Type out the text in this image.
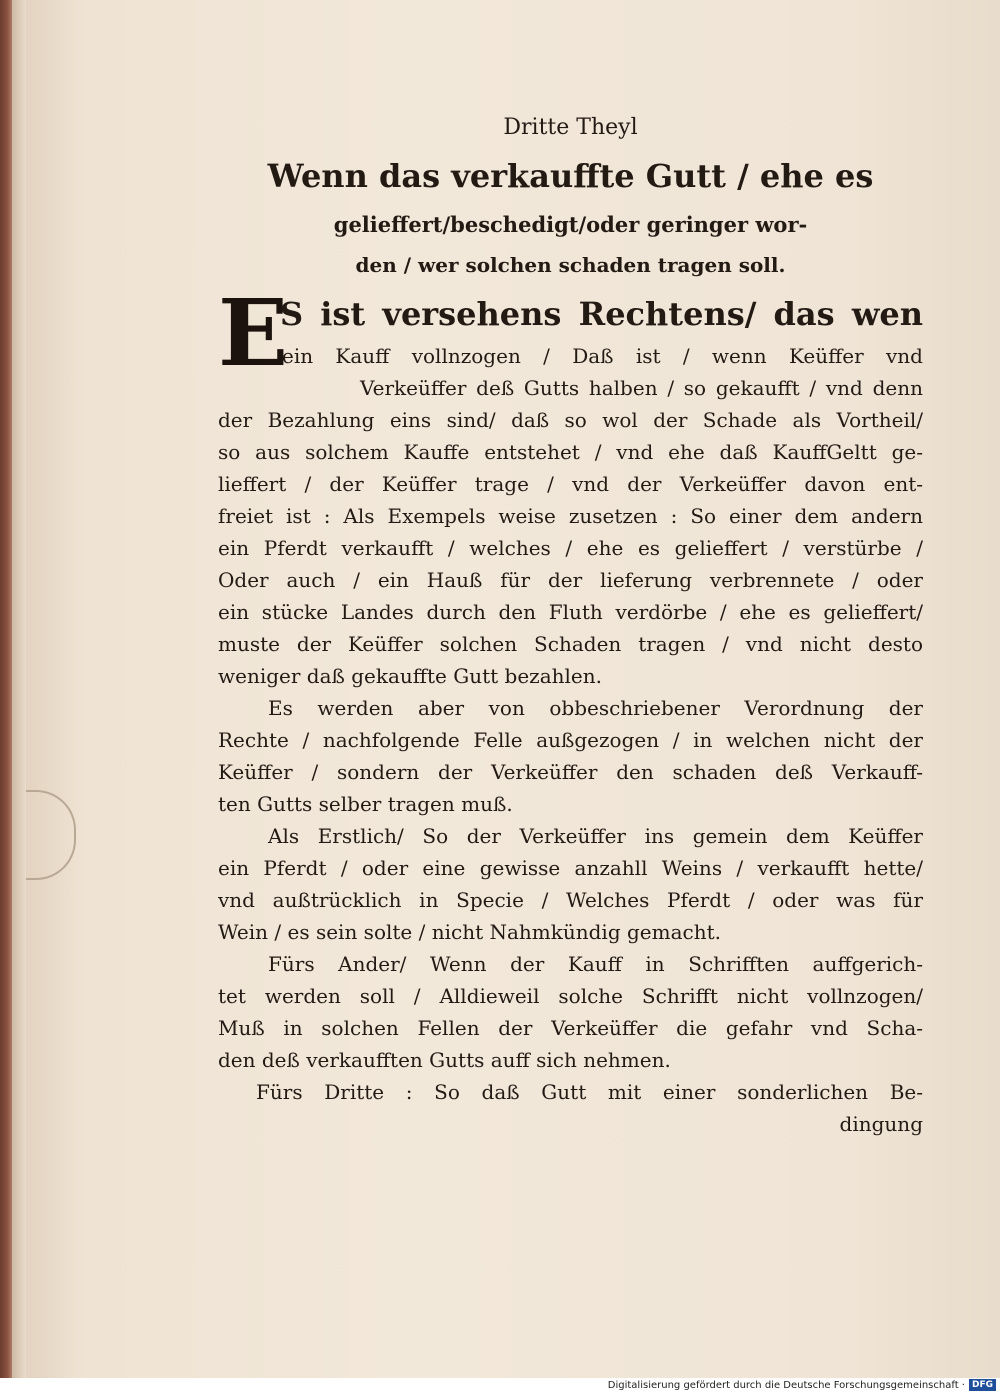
Dritte Theyl
Wenn das verkauffte Gutt / ehe es
gelieffert/beschedigt/oder geringer wor-
den / wer solchen schaden tragen soll.
E
S ist versehens Rechtens/ das wen
ein Kauff vollnzogen / Daß ist / wenn Keüffer vnd
Verkeüffer deß Gutts halben / so gekaufft / vnd denn
der Bezahlung eins sind/ daß so wol der Schade als Vortheil/
so aus solchem Kauffe entstehet / vnd ehe daß KauffGeltt ge-
lieffert / der Keüffer trage / vnd der Verkeüffer davon ent-
freiet ist : Als Exempels weise zusetzen : So einer dem andern
ein Pferdt verkaufft / welches / ehe es gelieffert / verstürbe /
Oder auch / ein Hauß für der lieferung verbrennete / oder
ein stücke Landes durch den Fluth verdörbe / ehe es gelieffert/
muste der Keüffer solchen Schaden tragen / vnd nicht desto
weniger daß gekauffte Gutt bezahlen.
Es werden aber von obbeschriebener Verordnung der
Rechte / nachfolgende Felle außgezogen / in welchen nicht der
Keüffer / sondern der Verkeüffer den schaden deß Verkauff-
ten Gutts selber tragen muß.
Als Erstlich/ So der Verkeüffer ins gemein dem Keüffer
ein Pferdt / oder eine gewisse anzahll Weins / verkaufft hette/
vnd außtrücklich in Specie / Welches Pferdt / oder was für
Wein / es sein solte / nicht Nahmkündig gemacht.
Fürs Ander/ Wenn der Kauff in Schrifften auffgerich-
tet werden soll / Alldieweil solche Schrifft nicht vollnzogen/
Muß in solchen Fellen der Verkeüffer die gefahr vnd Scha-
den deß verkaufften Gutts auff sich nehmen.
Fürs Dritte : So daß Gutt mit einer sonderlichen Be-
dingung
Digitalisierung gefördert durch die Deutsche Forschungsgemeinschaft · DFG
